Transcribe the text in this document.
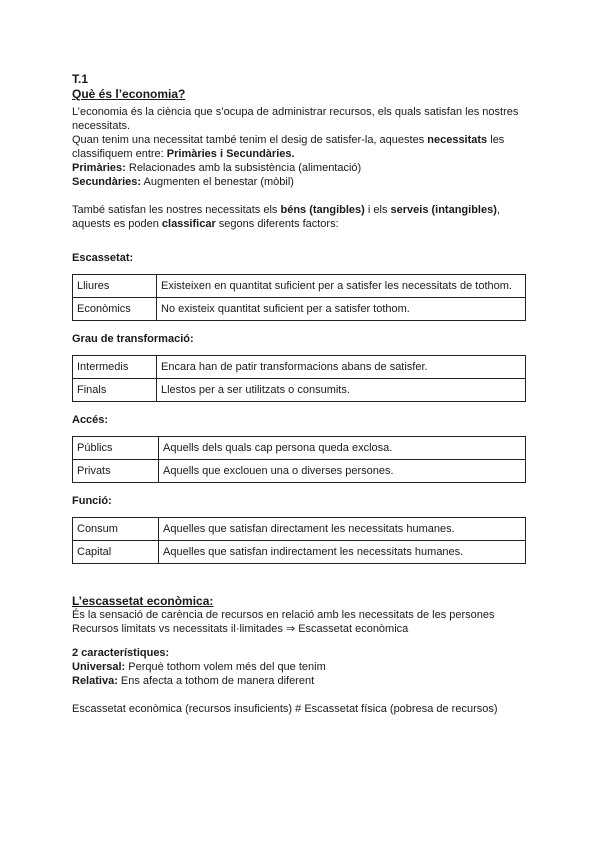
T.1

Què és l’economia?

L’economia és la ciència que s’ocupa de administrar recursos, els quals satisfan les nostres necessitats.
Quan tenim una necessitat també tenim el desig de satisfer-la, aquestes necessitats les classifiquem entre: Primàries i Secundàries.
Primàries: Relacionades amb la subsistència (alimentació)
Secundàries: Augmenten el benestar (mòbil)

També satisfan les nostres necessitats els béns (tangibles) i els serveis (intangibles), aquests es poden classificar segons diferents factors:

Escassetat:

Lliures	Existeixen en quantitat suficient per a satisfer les necessitats de tothom.
Econòmics	No existeix quantitat suficient per a satisfer tothom.

Grau de transformació:

Intermedis	Encara han de patir transformacions abans de satisfer.
Finals	Llestos per a ser utilitzats o consumits.

Accés:

Públics	Aquells dels quals cap persona queda exclosa.
Privats	Aquells que exclouen una o diverses persones.

Funció:

Consum	Aquelles que satisfan directament les necessitats humanes.
Capital	Aquelles que satisfan indirectament les necessitats humanes.

L’escassetat econòmica:

És la sensació de carència de recursos en relació amb les necessitats de les persones

Recursos limitats vs necessitats il·limitades ⇒ Escassetat econòmica

2 característiques:

Universal: Perquè tothom volem més del que tenim

Relativa: Ens afecta a tothom de manera diferent

Escassetat econòmica (recursos insuficients) # Escassetat física (pobresa de recursos)
